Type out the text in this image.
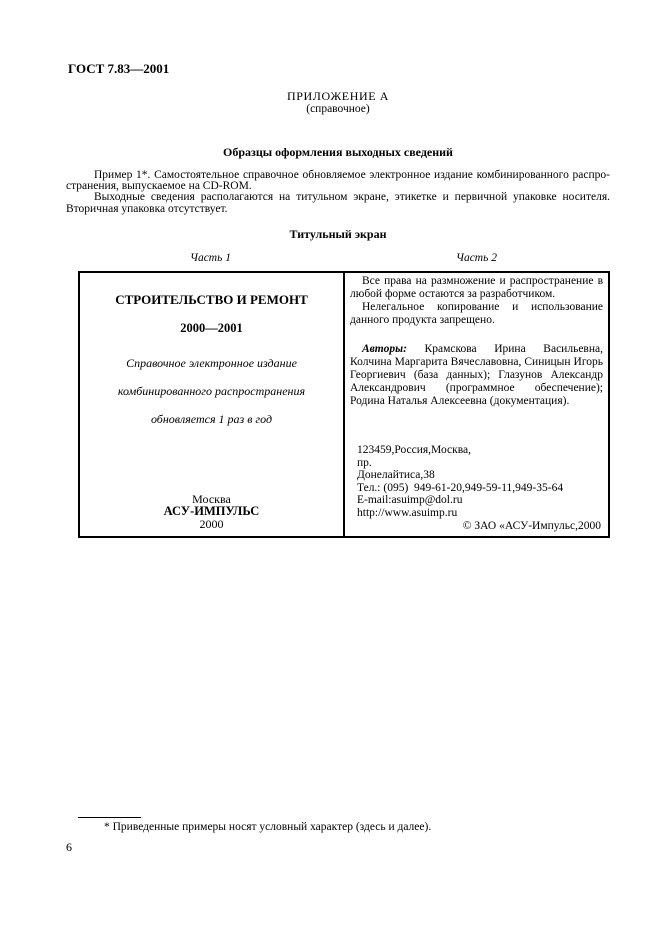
ГОСТ 7.83—2001
ПРИЛОЖЕНИЕ А
(справочное)
Образцы оформления выходных сведений

Пример 1*. Самостоятельное справочное обновляемое электронное издание комбинированного распространения, выпускаемое на CD-ROM.

Выходные сведения располагаются на титульном экране, этикетке и первичной упаковке носителя. Вторичная упаковка отсутствует.

Титульный экран
Часть 1	Часть 2
СТРОИТЕЛЬСТВО И РЕМОНТ
2000—2001
Справочное электронное издание
комбинированного распространения
обновляется 1 раз в год
Москва
АСУ-ИМПУЛЬС
2000

Все права на размножение и распространение в любой форме остаются за разработчиком.

Нелегальное копирование и использование данного продукта запрещено.

Авторы: Крамскова Ирина Васильевна, Колчина Маргарита Вячеславовна, Синицын Игорь Георгиевич (база данных); Глазунов Александр Александрович (программное обеспечение); Родина Наталья Алексеевна (документация).

123459,Россия,Москва,
пр.
Донелайтиса,38
Тел.: (095)  949-61-20,949-59-11,949-35-64
E-mail:asuimp@dol.ru
http://www.asuimp.ru
© ЗАО «АСУ-Импульс,2000
* Приведенные примеры носят условный характер (здесь и далее).
6
